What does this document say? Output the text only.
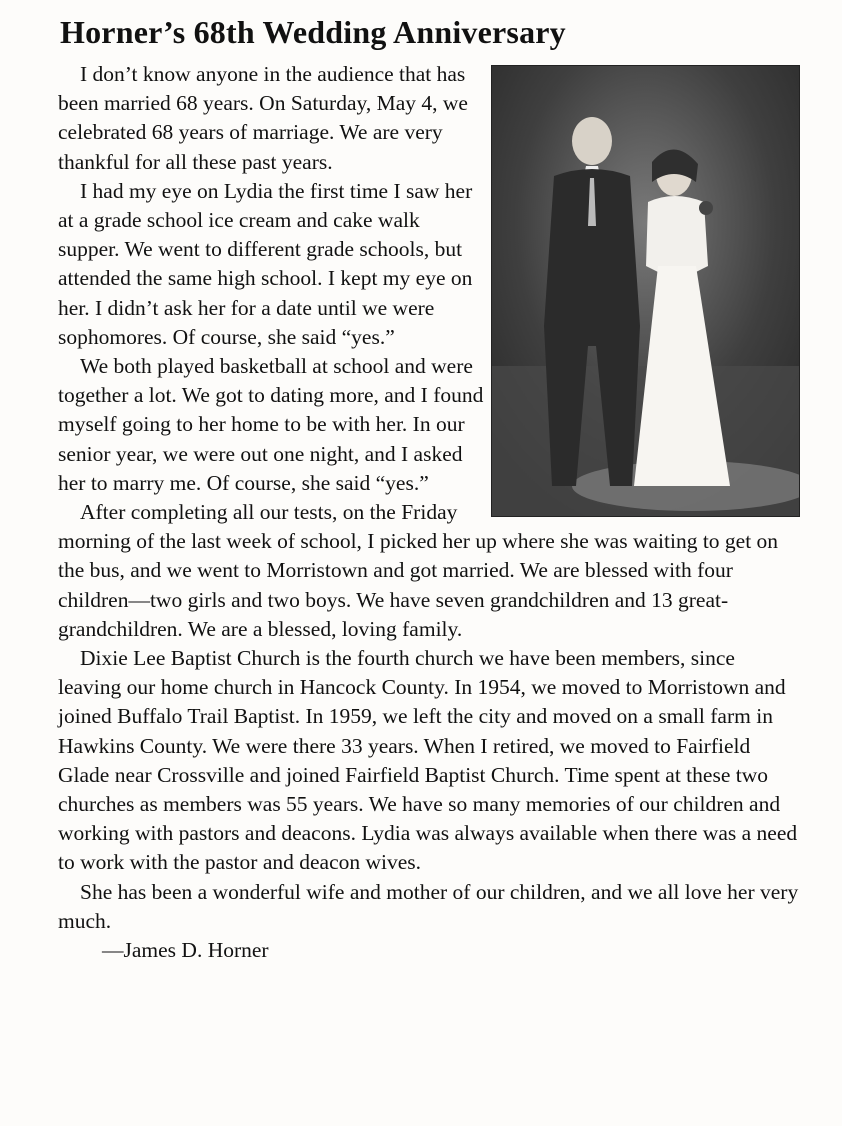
Horner’s 68th Wedding Anniversary

I don’t know anyone in the audience that has been married 68 years. On Saturday, May 4, we celebrated 68 years of marriage. We are very thankful for all these past years.

I had my eye on Lydia the first time I saw her at a grade school ice cream and cake walk supper. We went to different grade schools, but attended the same high school. I kept my eye on her. I didn’t ask her for a date until we were sophomores. Of course, she said “yes.”

We both played basketball at school and were together a lot. We got to dating more, and I found myself going to her home to be with her. In our senior year, we were out one night, and I asked her to marry me. Of course, she said “yes.”

After completing all our tests, on the Friday morning of the last week of school, I picked her up where she was waiting to get on the bus, and we went to Morristown and got married. We are blessed with four children—two girls and two boys. We have seven grandchildren and 13 great-grandchildren. We are a blessed, loving family.

Dixie Lee Baptist Church is the fourth church we have been members, since leaving our home church in Hancock County. In 1954, we moved to Morristown and joined Buffalo Trail Baptist. In 1959, we left the city and moved on a small farm in Hawkins County. We were there 33 years. When I retired, we moved to Fairfield Glade near Crossville and joined Fairfield Baptist Church. Time spent at these two churches as members was 55 years. We have so many memories of our children and working with pastors and deacons. Lydia was always available when there was a need to work with the pastor and deacon wives.

She has been a wonderful wife and mother of our children, and we all love her very much.

—James D. Horner
